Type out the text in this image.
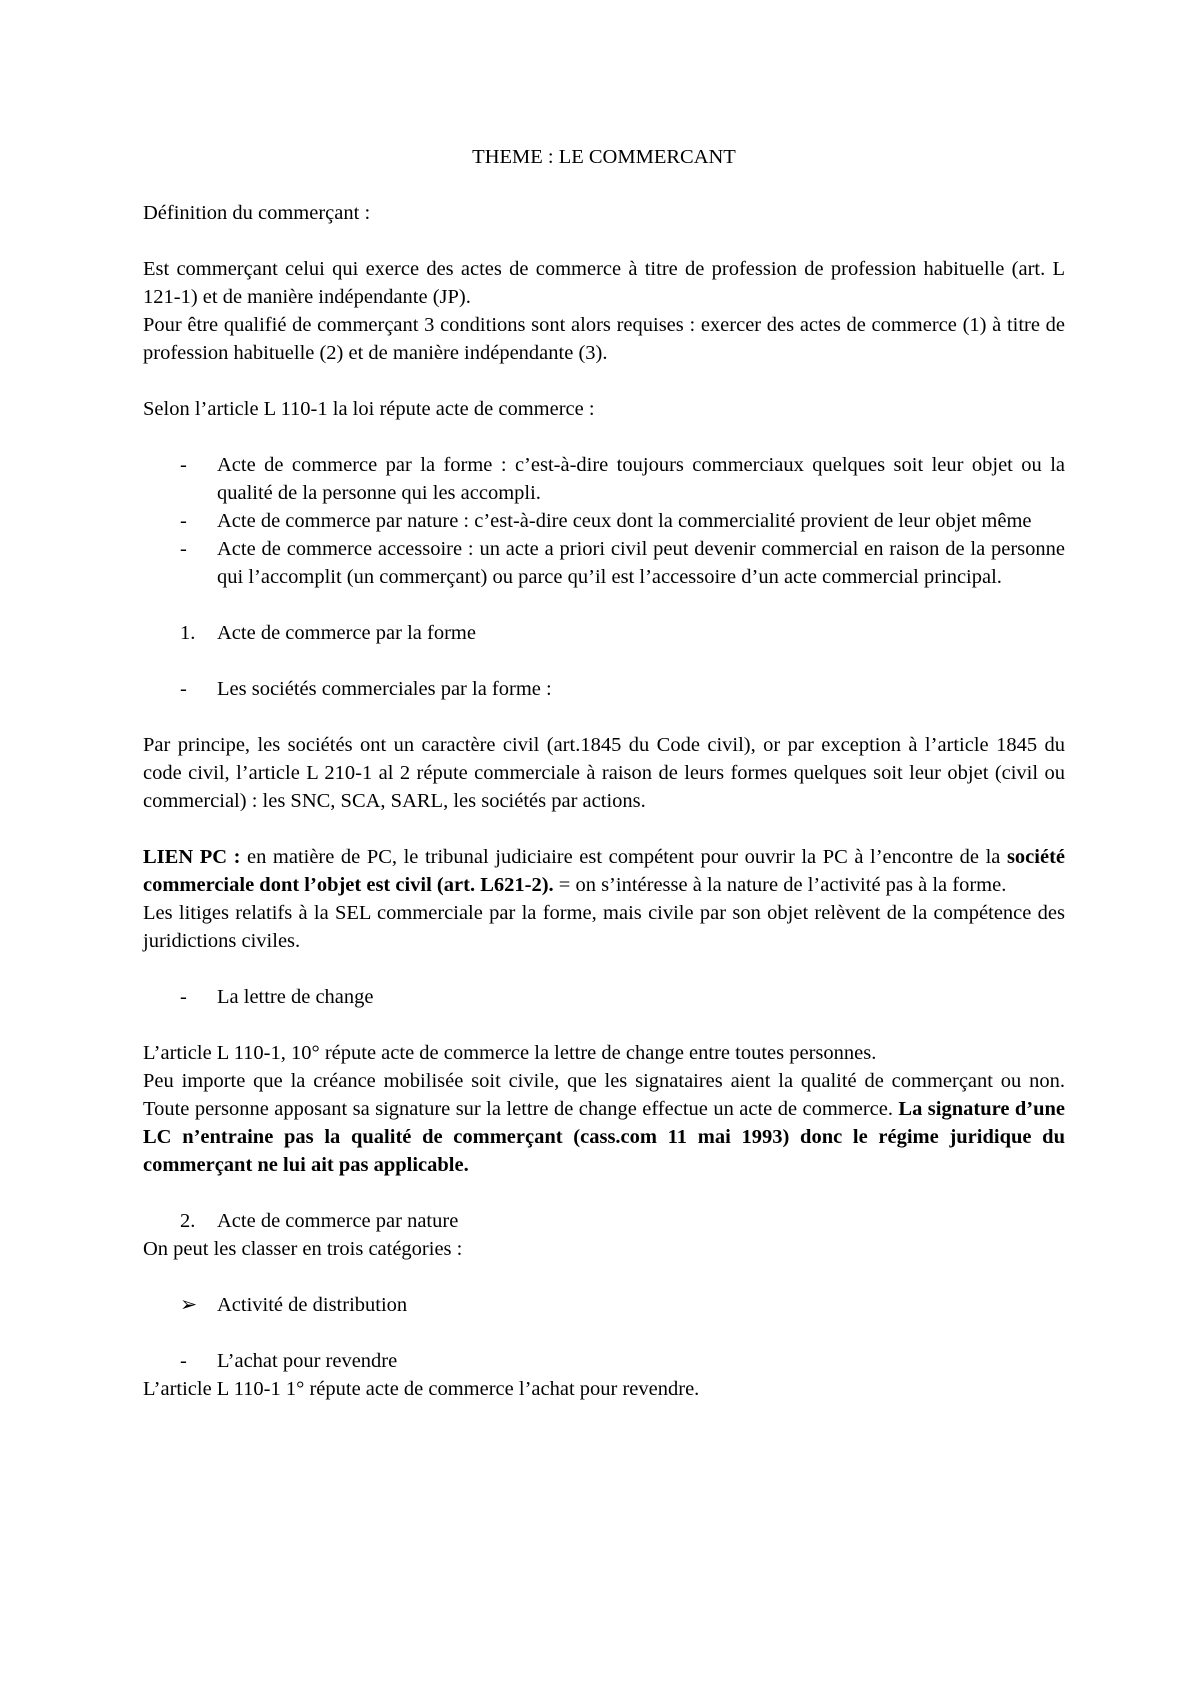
THEME : LE COMMERCANT

Définition du commerçant :

Est commerçant celui qui exerce des actes de commerce à titre de profession de profession habituelle (art. L 121-1) et de manière indépendante (JP).

Pour être qualifié de commerçant 3 conditions sont alors requises : exercer des actes de commerce (1) à titre de profession habituelle (2) et de manière indépendante (3).

Selon l’article L 110-1 la loi répute acte de commerce :

-	Acte de commerce par la forme : c’est-à-dire toujours commerciaux quelques soit leur objet ou la qualité de la personne qui les accompli.
-	Acte de commerce par nature : c’est-à-dire ceux dont la commercialité provient de leur objet même
-	Acte de commerce accessoire : un acte a priori civil peut devenir commercial en raison de la personne qui l’accomplit (un commerçant) ou parce qu’il est l’accessoire d’un acte commercial principal.
1.	Acte de commerce par la forme
-	Les sociétés commerciales par la forme :

Par principe, les sociétés ont un caractère civil (art.1845 du Code civil), or par exception à l’article 1845 du code civil, l’article L 210-1 al 2 répute commerciale à raison de leurs formes quelques soit leur objet (civil ou commercial) : les SNC, SCA, SARL, les sociétés par actions.

LIEN PC : en matière de PC, le tribunal judiciaire est compétent pour ouvrir la PC à l’encontre de la société commerciale dont l’objet est civil (art. L621-2). = on s’intéresse à la nature de l’activité pas à la forme.

Les litiges relatifs à la SEL commerciale par la forme, mais civile par son objet relèvent de la compétence des juridictions civiles.

-	La lettre de change

L’article L 110-1, 10° répute acte de commerce la lettre de change entre toutes personnes.

Peu importe que la créance mobilisée soit civile, que les signataires aient la qualité de commerçant ou non. Toute personne apposant sa signature sur la lettre de change effectue un acte de commerce. La signature d’une LC n’entraine pas la qualité de commerçant (cass.com 11 mai 1993) donc le régime juridique du commerçant ne lui ait pas applicable.

2.	Acte de commerce par nature

On peut les classer en trois catégories :

➢ Activité de distribution
-	L’achat pour revendre

L’article L 110-1 1° répute acte de commerce l’achat pour revendre.
